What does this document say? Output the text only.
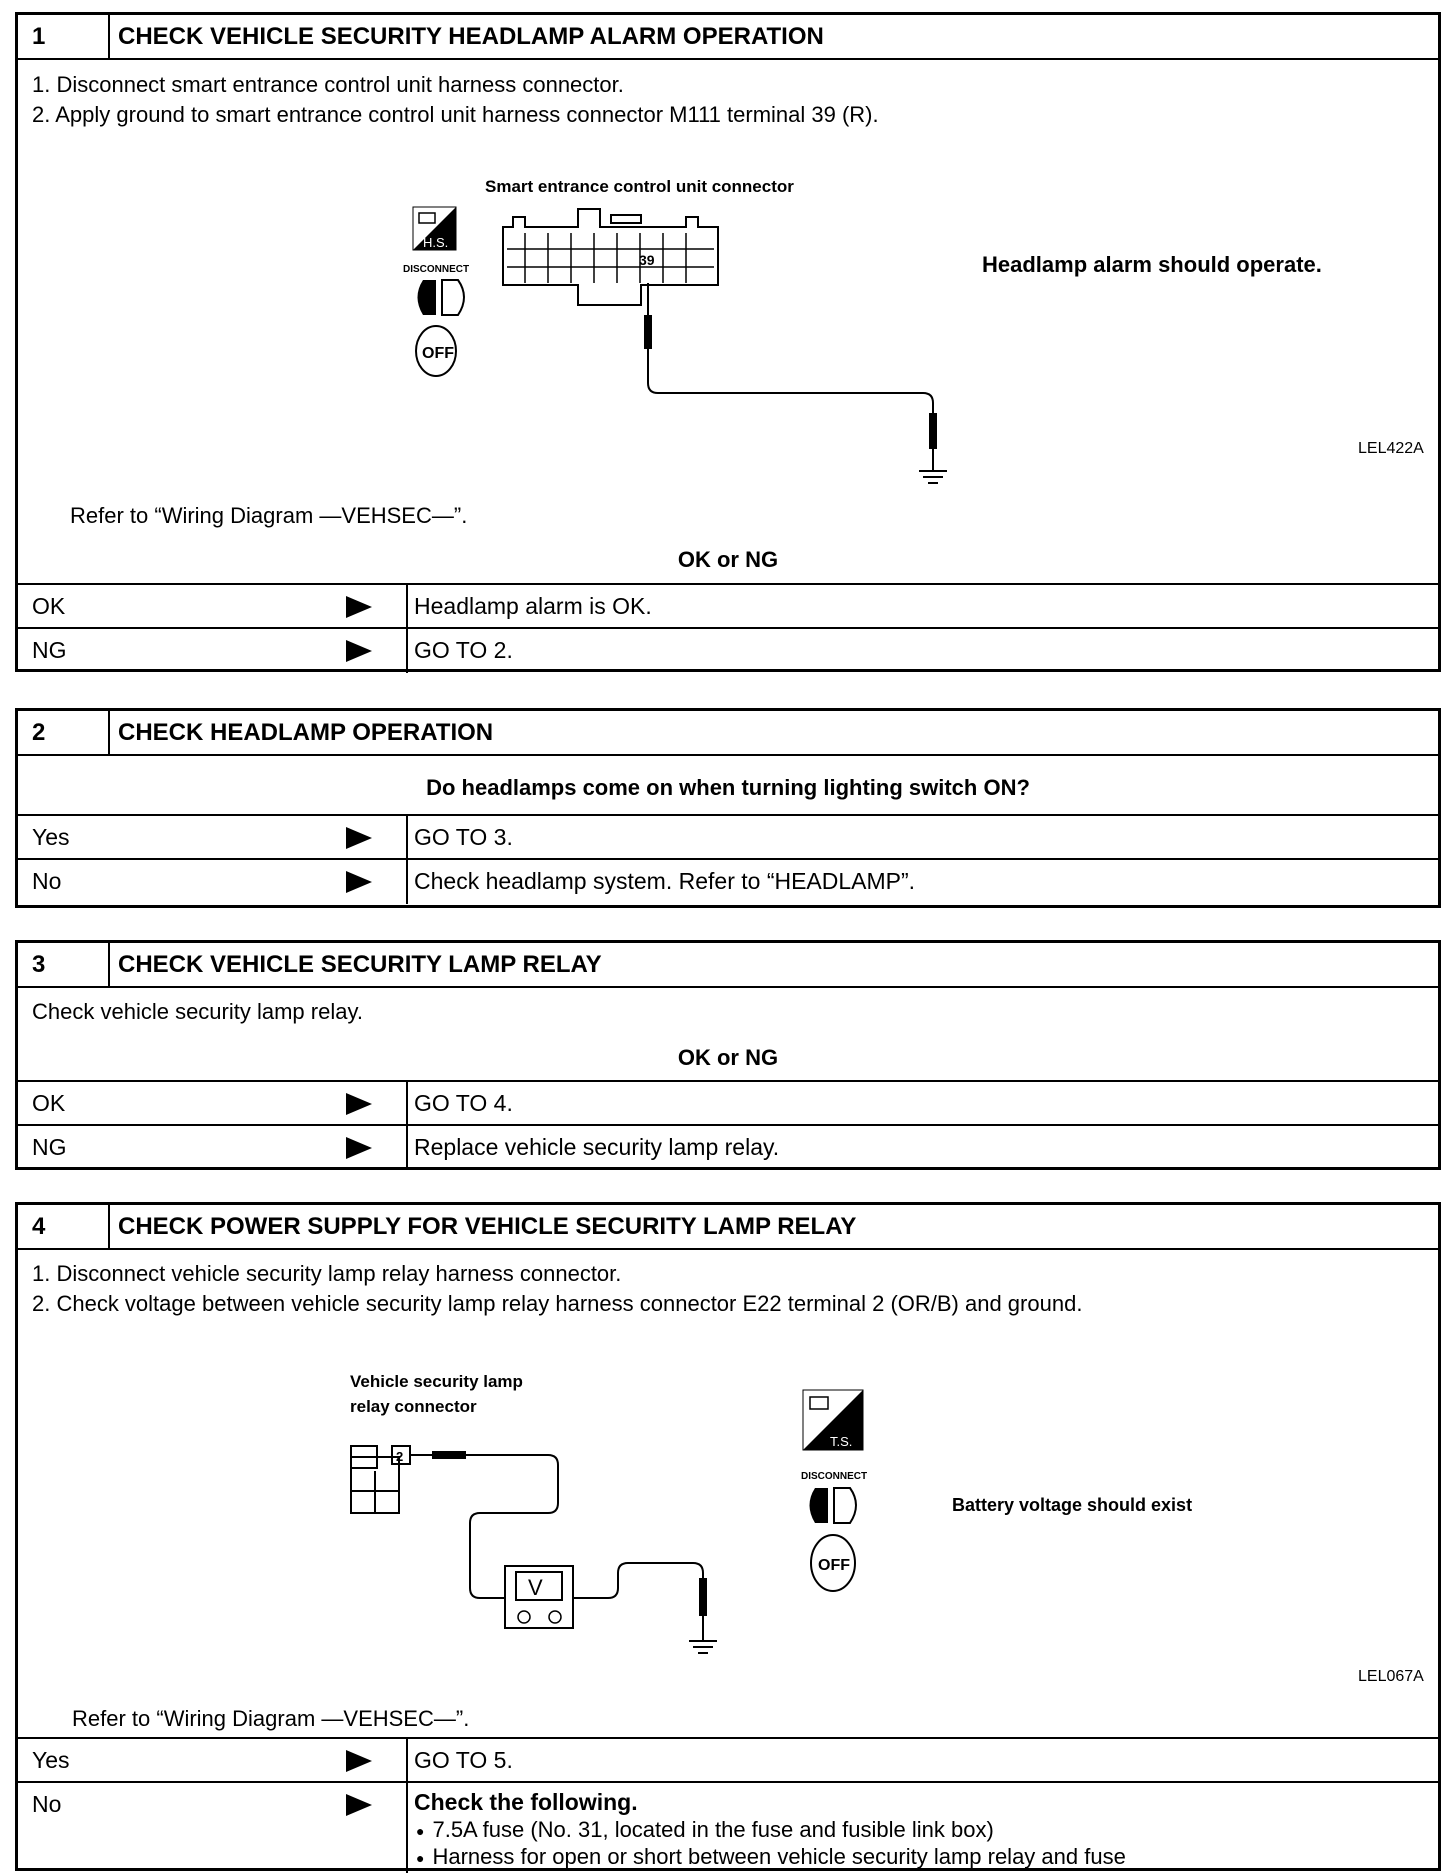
1	CHECK VEHICLE SECURITY HEADLAMP ALARM OPERATION
1. Disconnect smart entrance control unit harness connector.
2. Apply ground to smart entrance control unit harness connector M111 terminal 39 (R).
Smart entrance control unit connector
39
H.S.
DISCONNECT
OFF
Headlamp alarm should operate.
LEL422A
Refer to “Wiring Diagram —VEHSEC—”.
OK or NG
OK	Headlamp alarm is OK.
NG	GO TO 2.
2	CHECK HEADLAMP OPERATION
Do headlamps come on when turning lighting switch ON?
Yes	GO TO 3.
No	Check headlamp system. Refer to “HEADLAMP”.
3	CHECK VEHICLE SECURITY LAMP RELAY
Check vehicle security lamp relay.
OK or NG
OK	GO TO 4.
NG	Replace vehicle security lamp relay.
4	CHECK POWER SUPPLY FOR VEHICLE SECURITY LAMP RELAY
1. Disconnect vehicle security lamp relay harness connector.
2. Check voltage between vehicle security lamp relay harness connector E22 terminal 2 (OR/B) and ground.
Vehicle security lamp
relay connector
2
V
T.S.
DISCONNECT
OFF
Battery voltage should exist
LEL067A
Refer to “Wiring Diagram —VEHSEC—”.
Yes	GO TO 5.
No	Check the following.
● 7.5A fuse (No. 31, located in the fuse and fusible link box)
● Harness for open or short between vehicle security lamp relay and fuse
